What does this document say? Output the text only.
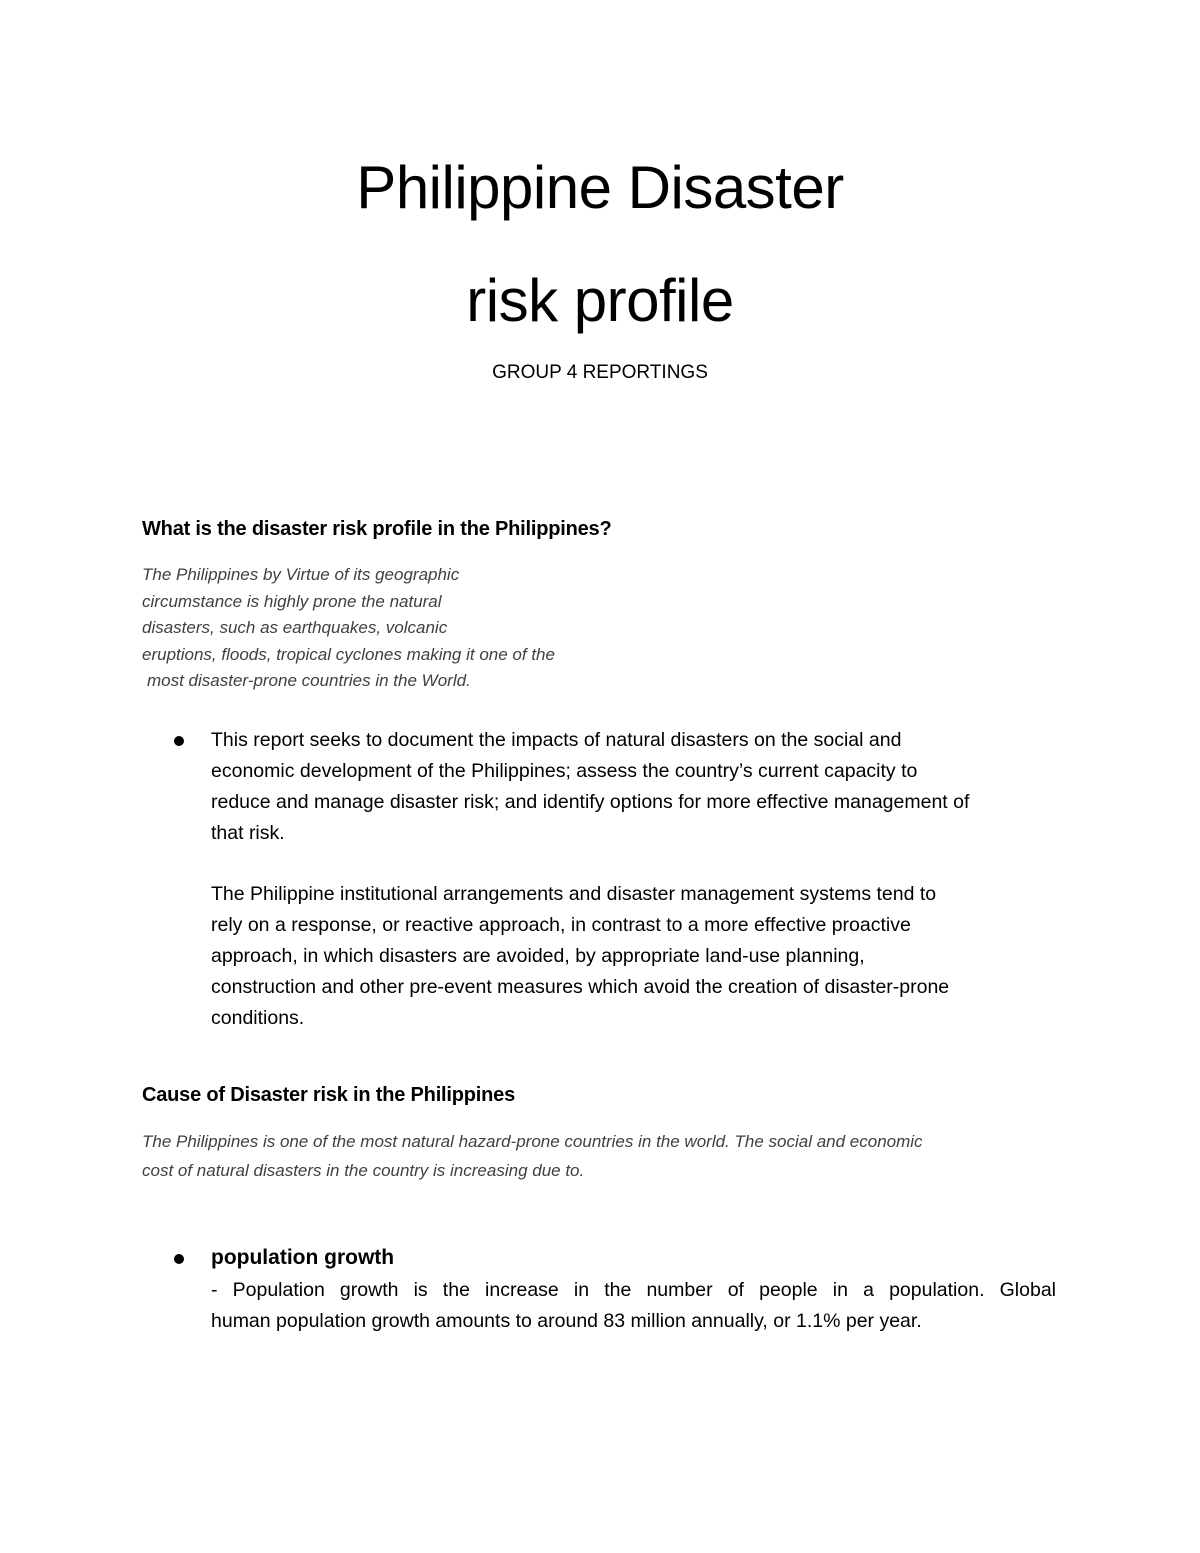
Philippine Disaster
risk profile
GROUP 4 REPORTINGS
What is the disaster risk profile in the Philippines?

The Philippines by Virtue of its geographic
circumstance is highly prone the natural
disasters, such as earthquakes, volcanic
eruptions, floods, tropical cyclones making it one of the
most disaster-prone countries in the World.

This report seeks to document the impacts of natural disasters on the social and
economic development of the Philippines; assess the country’s current capacity to
reduce and manage disaster risk; and identify options for more effective management of
that risk.

The Philippine institutional arrangements and disaster management systems tend to
rely on a response, or reactive approach, in contrast to a more effective proactive
approach, in which disasters are avoided, by appropriate land-use planning,
construction and other pre-event measures which avoid the creation of disaster-prone
conditions.

Cause of Disaster risk in the Philippines

The Philippines is one of the most natural hazard-prone countries in the world. The social and economic
cost of natural disasters in the country is increasing due to.

population growth

- Population growth is the increase in the number of people in a population. Global
human population growth amounts to around 83 million annually, or 1.1% per year.
